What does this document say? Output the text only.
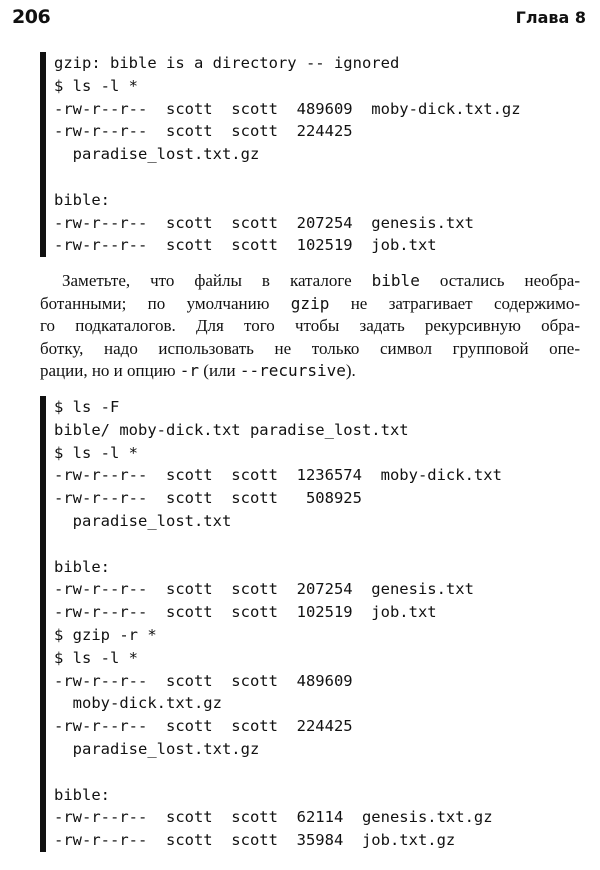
206	Глава 8
gzip: bible is a directory -- ignored
$ ls -l *
-rw-r--r--  scott  scott  489609  moby-dick.txt.gz
-rw-r--r--  scott  scott  224425
paradise_lost.txt.gz

bible:
-rw-r--r--  scott  scott  207254  genesis.txt
-rw-r--r--  scott  scott  102519  job.txt
Заметьте, что файлы в каталоге bible остались необра-
ботанными; по умолчанию gzip не затрагивает содержимо-
го подкаталогов. Для того чтобы задать рекурсивную обра-
ботку, надо использовать не только символ групповой опе-
рации, но и опцию -r (или --recursive).
$ ls -F
bible/ moby-dick.txt paradise_lost.txt
$ ls -l *
-rw-r--r--  scott  scott  1236574  moby-dick.txt
-rw-r--r--  scott  scott   508925
paradise_lost.txt

bible:
-rw-r--r--  scott  scott  207254  genesis.txt
-rw-r--r--  scott  scott  102519  job.txt
$ gzip -r *
$ ls -l *
-rw-r--r--  scott  scott  489609
moby-dick.txt.gz
-rw-r--r--  scott  scott  224425
paradise_lost.txt.gz

bible:
-rw-r--r--  scott  scott  62114  genesis.txt.gz
-rw-r--r--  scott  scott  35984  job.txt.gz
